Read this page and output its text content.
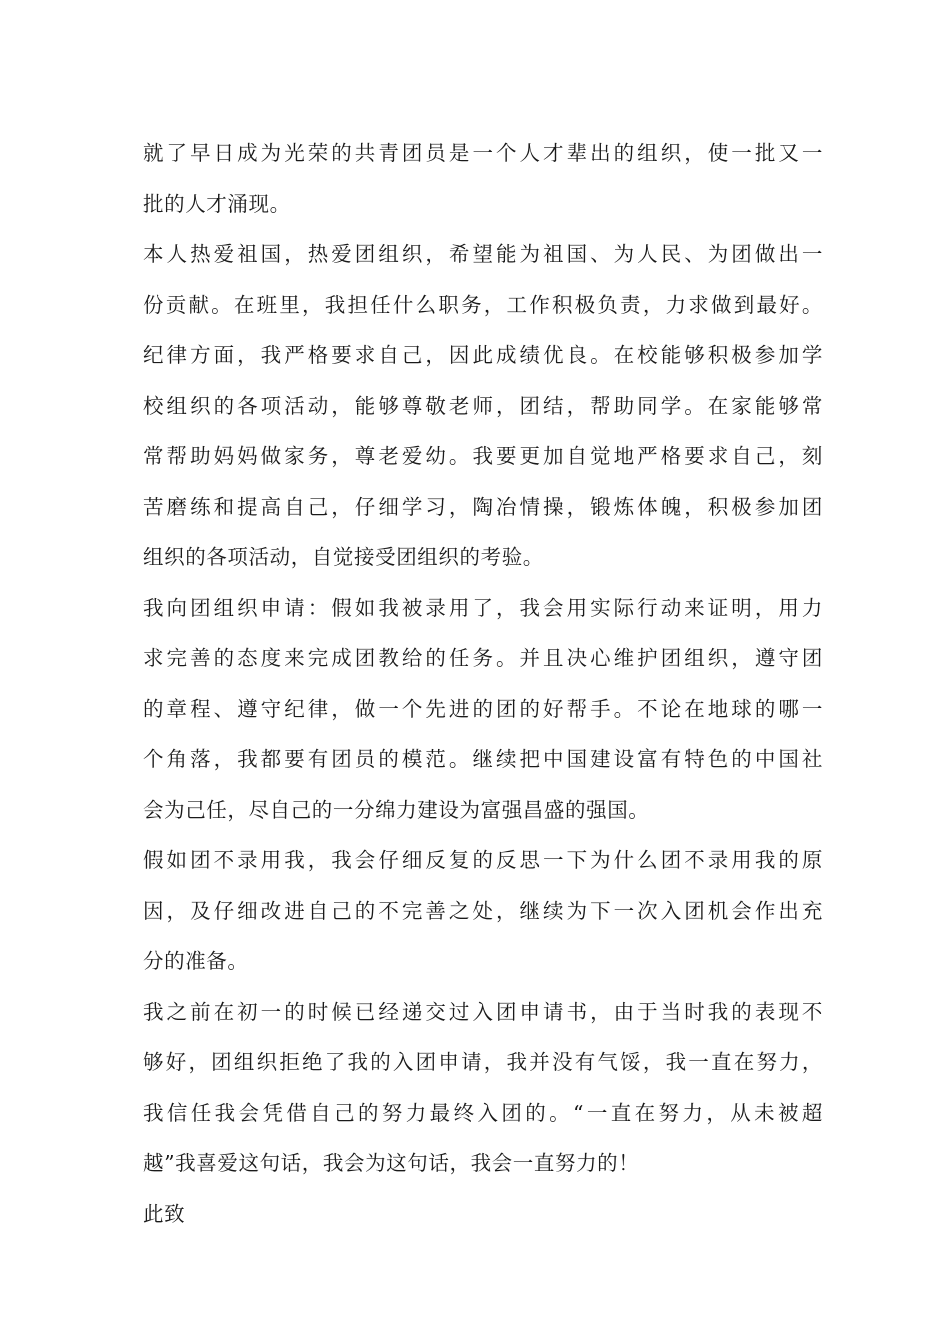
就了早日成为光荣的共青团员是一个人才辈出的组织，使一批又一
批的人才涌现。
本人热爱祖国，热爱团组织，希望能为祖国、为人民、为团做出一
份贡献。在班里，我担任什么职务，工作积极负责，力求做到最好。
纪律方面，我严格要求自己，因此成绩优良。在校能够积极参加学
校组织的各项活动，能够尊敬老师，团结，帮助同学。在家能够常
常帮助妈妈做家务，尊老爱幼。我要更加自觉地严格要求自己，刻
苦磨练和提高自己，仔细学习，陶冶情操，锻炼体魄，积极参加团
组织的各项活动，自觉接受团组织的考验。
我向团组织申请：假如我被录用了，我会用实际行动来证明，用力
求完善的态度来完成团教给的任务。并且决心维护团组织，遵守团
的章程、遵守纪律，做一个先进的团的好帮手。不论在地球的哪一
个角落，我都要有团员的模范。继续把中国建设富有特色的中国社
会为己任，尽自己的一分绵力建设为富强昌盛的强国。
假如团不录用我，我会仔细反复的反思一下为什么团不录用我的原
因，及仔细改进自己的不完善之处，继续为下一次入团机会作出充
分的准备。
我之前在初一的时候已经递交过入团申请书，由于当时我的表现不
够好，团组织拒绝了我的入团申请，我并没有气馁，我一直在努力，
我信任我会凭借自己的努力最终入团的。“一直在努力，从未被超
越”我喜爱这句话，我会为这句话，我会一直努力的！
此致
